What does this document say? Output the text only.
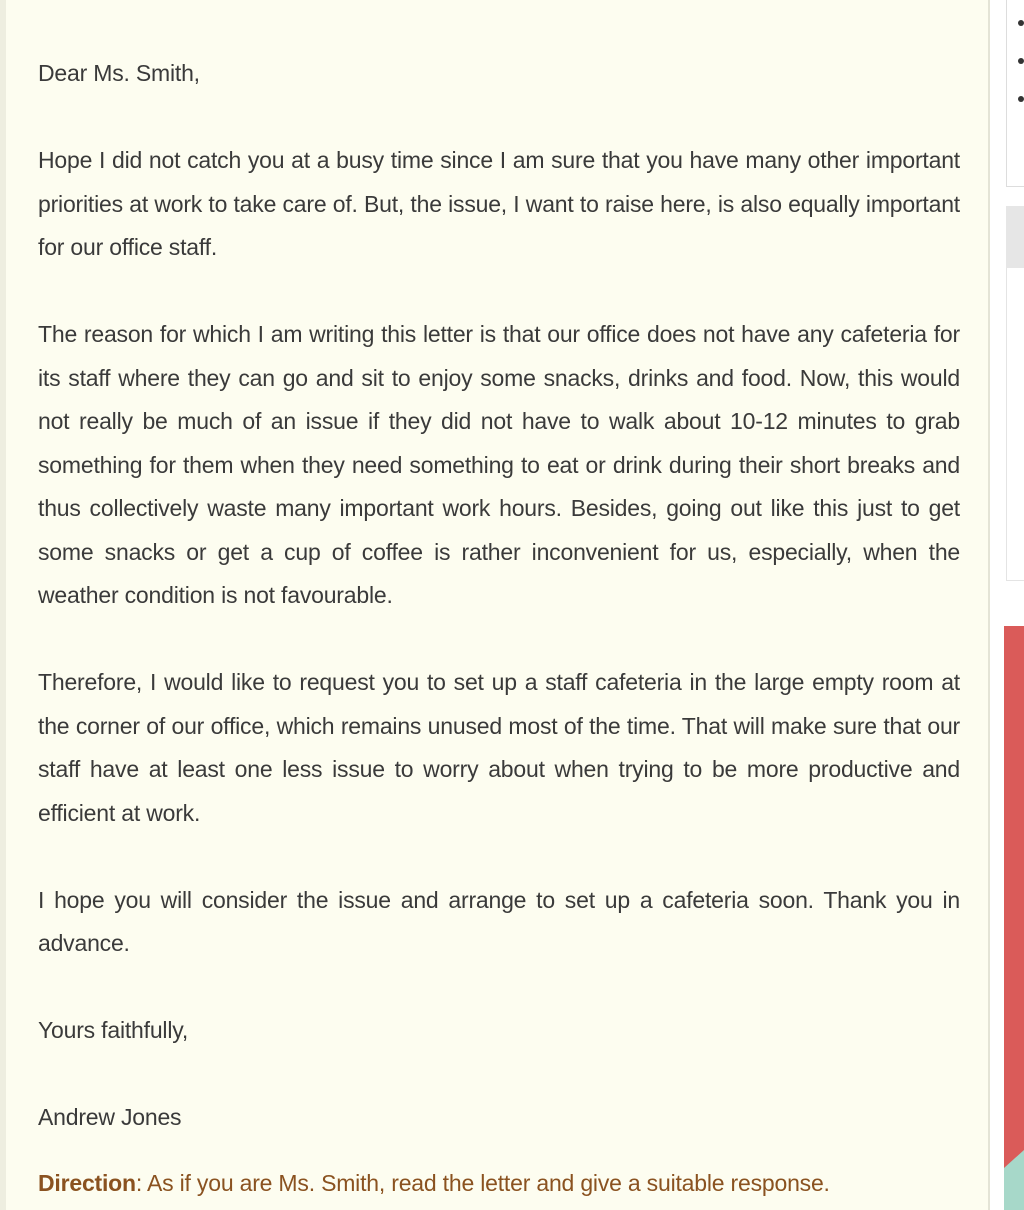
Dear Ms. Smith,

Hope I did not catch you at a busy time since I am sure that you have many other important priorities at work to take care of. But, the issue, I want to raise here, is also equally important for our office staff.

The reason for which I am writing this letter is that our office does not have any cafeteria for its staff where they can go and sit to enjoy some snacks, drinks and food. Now, this would not really be much of an issue if they did not have to walk about 10-12 minutes to grab something for them when they need something to eat or drink during their short breaks and thus collectively waste many important work hours. Besides, going out like this just to get some snacks or get a cup of coffee is rather inconvenient for us, especially, when the weather condition is not favourable.

Therefore, I would like to request you to set up a staff cafeteria in the large empty room at the corner of our office, which remains unused most of the time. That will make sure that our staff have at least one less issue to worry about when trying to be more productive and efficient at work.

I hope you will consider the issue and arrange to set up a cafeteria soon. Thank you in advance.

Yours faithfully,

Andrew Jones

Direction: As if you are Ms. Smith, read the letter and give a suitable response.
